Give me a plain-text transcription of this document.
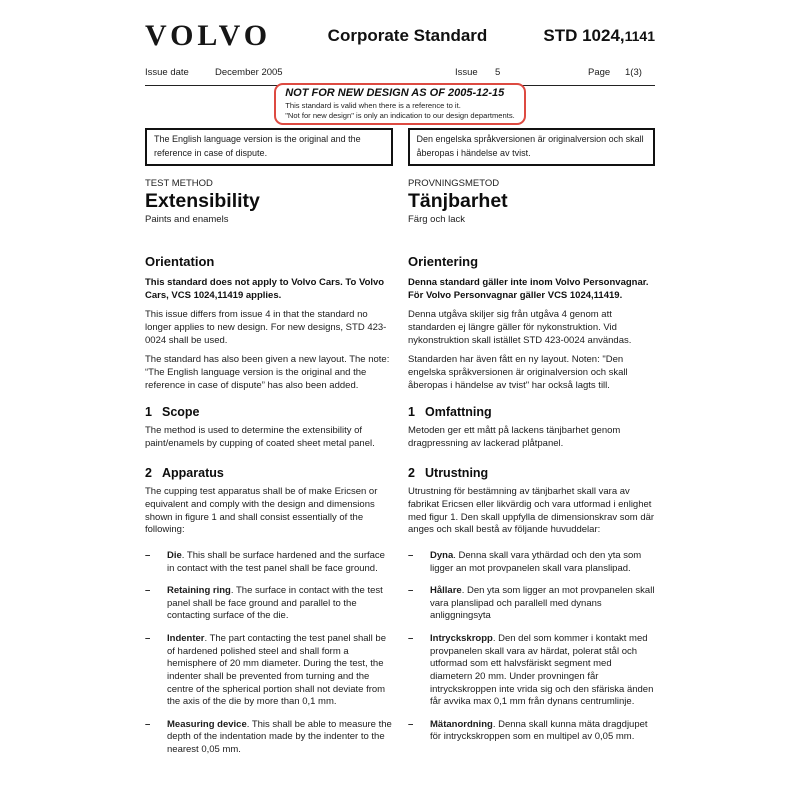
VOLVO	Corporate Standard	STD 1024,1141
Issue date	December 2005	Issue	5	Page	1(3)
NOT FOR NEW DESIGN AS OF 2005-12-15
This standard is valid when there is a reference to it.
"Not for new design" is only an indication to our design departments.
The English language version is the original and the reference in case of dispute.
Den engelska språkversionen är originalversion och skall åberopas i händelse av tvist.
TEST METHOD
Extensibility
Paints and enamels
PROVNINGSMETOD
Tänjbarhet
Färg och lack
Orientation	Orientering
This standard does not apply to Volvo Cars. To Volvo Cars, VCS 1024,11419 applies.
Denna standard gäller inte inom Volvo Personvagnar. För Volvo Personvagnar gäller VCS 1024,11419.
This issue differs from issue 4 in that the standard no longer applies to new design. For new designs, STD 423-0024 shall be used.
Denna utgåva skiljer sig från utgåva 4 genom att standarden ej längre gäller för nykonstruktion. Vid nykonstruktion skall istället STD 423-0024 användas.
The standard has also been given a new layout. The note: “The English language version is the original and the reference in case of dispute” has also been added.
Standarden har även fått en ny layout. Noten: "Den engelska språkversionen är originalversion och skall åberopas i händelse av tvist" har också lagts till.
1 Scope	1 Omfattning
The method is used to determine the extensibility of paint/enamels by cupping of coated sheet metal panel.
Metoden ger ett mått på lackens tänjbarhet genom dragpressning av lackerad plåtpanel.
2 Apparatus	2 Utrustning
The cupping test apparatus shall be of make Ericsen or equivalent and comply with the design and dimensions shown in figure 1 and shall consist essentially of the following:
Utrustning för bestämning av tänjbarhet skall vara av fabrikat Ericsen eller likvärdig och vara utformad i enlighet med figur 1. Den skall uppfylla de dimensionskrav som där anges och skall bestå av följande huvuddelar:
–	Die. This shall be surface hardened and the surface in contact with the test panel shall be face ground.
–	Dyna. Denna skall vara ythärdad och den yta som ligger an mot provpanelen skall vara planslipad.
–	Retaining ring. The surface in contact with the test panel shall be face ground and parallel to the contacting surface of the die.
–	Hållare. Den yta som ligger an mot provpanelen skall vara planslipad och parallell med dynans anliggningsyta
–	Indenter. The part contacting the test panel shall be of hardened polished steel and shall form a hemisphere of 20 mm diameter. During the test, the indenter shall be prevented from turning and the centre of the spherical portion shall not deviate from the axis of the die by more than 0,1 mm.
–	Intryckskropp. Den del som kommer i kontakt med provpanelen skall vara av härdat, polerat stål och utformad som ett halvsfäriskt segment med diametern 20 mm. Under provningen får intryckskroppen inte vrida sig och den sfäriska änden får avvika max 0,1 mm från dynans centrumlinje.
–	Measuring device. This shall be able to measure the depth of the indentation made by the indenter to the nearest 0,05 mm.
–	Mätanordning. Denna skall kunna mäta dragdjupet för intryckskroppen som en multipel av 0,05 mm.
